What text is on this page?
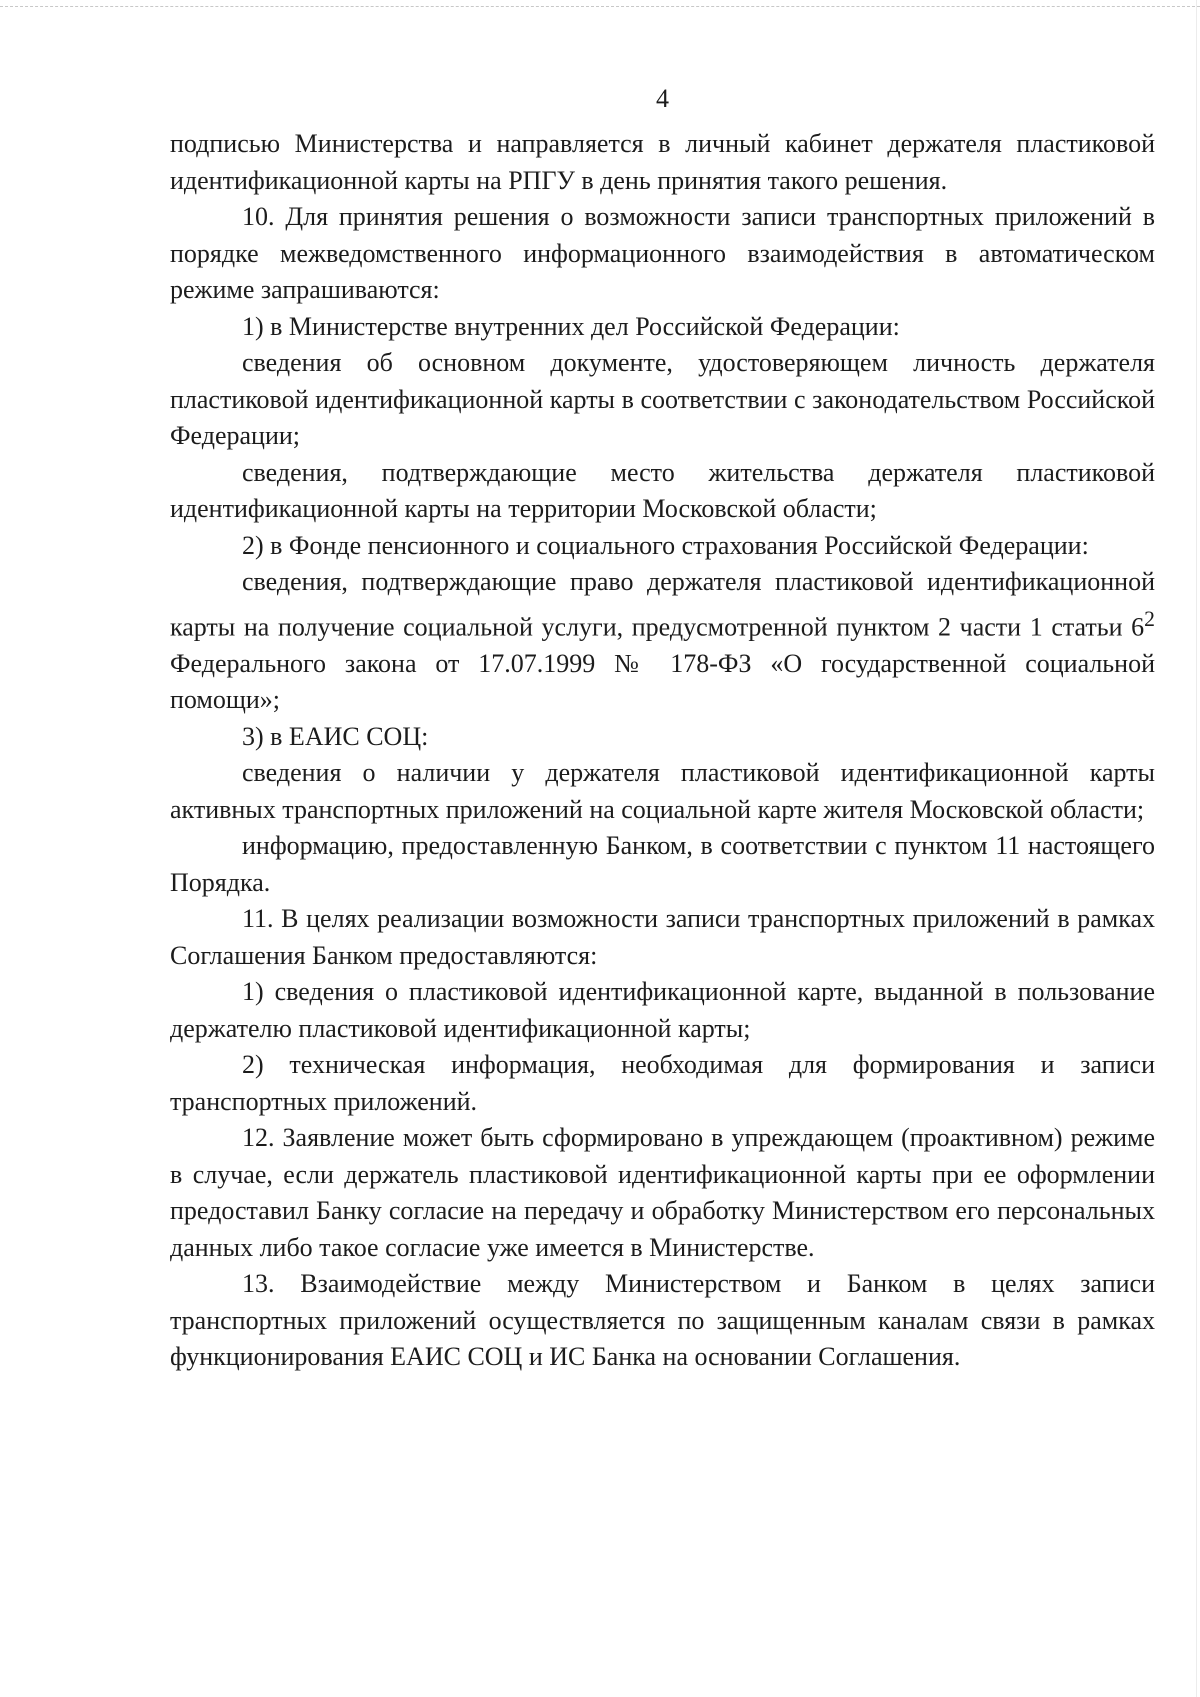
4

подписью Министерства и направляется в личный кабинет держателя пластиковой идентификационной карты на РПГУ в день принятия такого решения.

10. Для принятия решения о возможности записи транспортных приложений в порядке межведомственного информационного взаимодействия в автоматическом режиме запрашиваются:

1) в Министерстве внутренних дел Российской Федерации:

сведения об основном документе, удостоверяющем личность держателя пластиковой идентификационной карты в соответствии с законодательством Российской Федерации;

сведения, подтверждающие место жительства держателя пластиковой идентификационной карты на территории Московской области;

2) в Фонде пенсионного и социального страхования Российской Федерации:

сведения, подтверждающие право держателя пластиковой идентификационной карты на получение социальной услуги, предусмотренной пунктом 2 части 1 статьи $6^2$ Федерального закона от 17.07.1999 № 178-ФЗ «О государственной социальной помощи»;

3) в ЕАИС СОЦ:

сведения о наличии у держателя пластиковой идентификационной карты активных транспортных приложений на социальной карте жителя Московской области;

информацию, предоставленную Банком, в соответствии с пунктом 11 настоящего Порядка.

11. В целях реализации возможности записи транспортных приложений в рамках Соглашения Банком предоставляются:

1) сведения о пластиковой идентификационной карте, выданной в пользование держателю пластиковой идентификационной карты;

2) техническая информация, необходимая для формирования и записи транспортных приложений.

12. Заявление может быть сформировано в упреждающем (проактивном) режиме в случае, если держатель пластиковой идентификационной карты при ее оформлении предоставил Банку согласие на передачу и обработку Министерством его персональных данных либо такое согласие уже имеется в Министерстве.

13. Взаимодействие между Министерством и Банком в целях записи транспортных приложений осуществляется по защищенным каналам связи в рамках функционирования ЕАИС СОЦ и ИС Банка на основании Соглашения.
